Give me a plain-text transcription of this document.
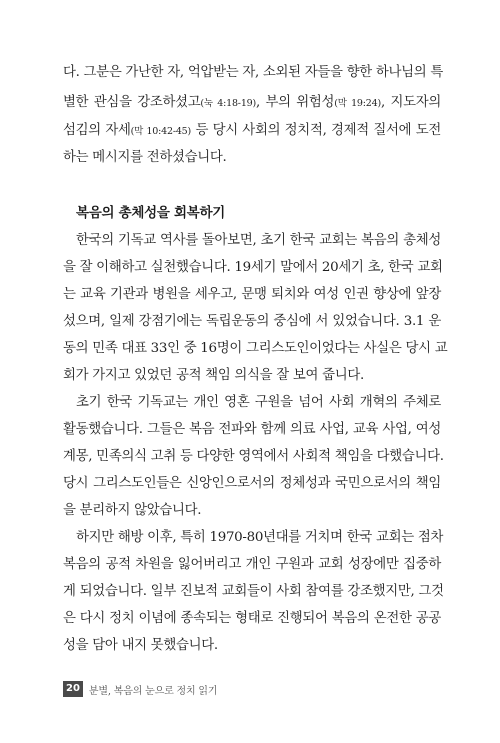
다. 그분은 가난한 자, 억압받는 자, 소외된 자들을 향한 하나님의 특
별한 관심을 강조하셨고(눅 4:18-19), 부의 위험성(막 19:24), 지도자의
섬김의 자세(막 10:42-45) 등 당시 사회의 정치적, 경제적 질서에 도전
하는 메시지를 전하셨습니다.
복음의 총체성을 회복하기
한국의 기독교 역사를 돌아보면, 초기 한국 교회는 복음의 총체성
을 잘 이해하고 실천했습니다. 19세기 말에서 20세기 초, 한국 교회
는 교육 기관과 병원을 세우고, 문맹 퇴치와 여성 인권 향상에 앞장
섰으며, 일제 강점기에는 독립운동의 중심에 서 있었습니다. 3.1 운
동의 민족 대표 33인 중 16명이 그리스도인이었다는 사실은 당시 교
회가 가지고 있었던 공적 책임 의식을 잘 보여 줍니다.
초기 한국 기독교는 개인 영혼 구원을 넘어 사회 개혁의 주체로
활동했습니다. 그들은 복음 전파와 함께 의료 사업, 교육 사업, 여성
계몽, 민족의식 고취 등 다양한 영역에서 사회적 책임을 다했습니다.
당시 그리스도인들은 신앙인으로서의 정체성과 국민으로서의 책임
을 분리하지 않았습니다.
하지만 해방 이후, 특히 1970-80년대를 거치며 한국 교회는 점차
복음의 공적 차원을 잃어버리고 개인 구원과 교회 성장에만 집중하
게 되었습니다. 일부 진보적 교회들이 사회 참여를 강조했지만, 그것
은 다시 정치 이념에 종속되는 형태로 진행되어 복음의 온전한 공공
성을 담아 내지 못했습니다.
20 분별, 복음의 눈으로 정치 읽기
